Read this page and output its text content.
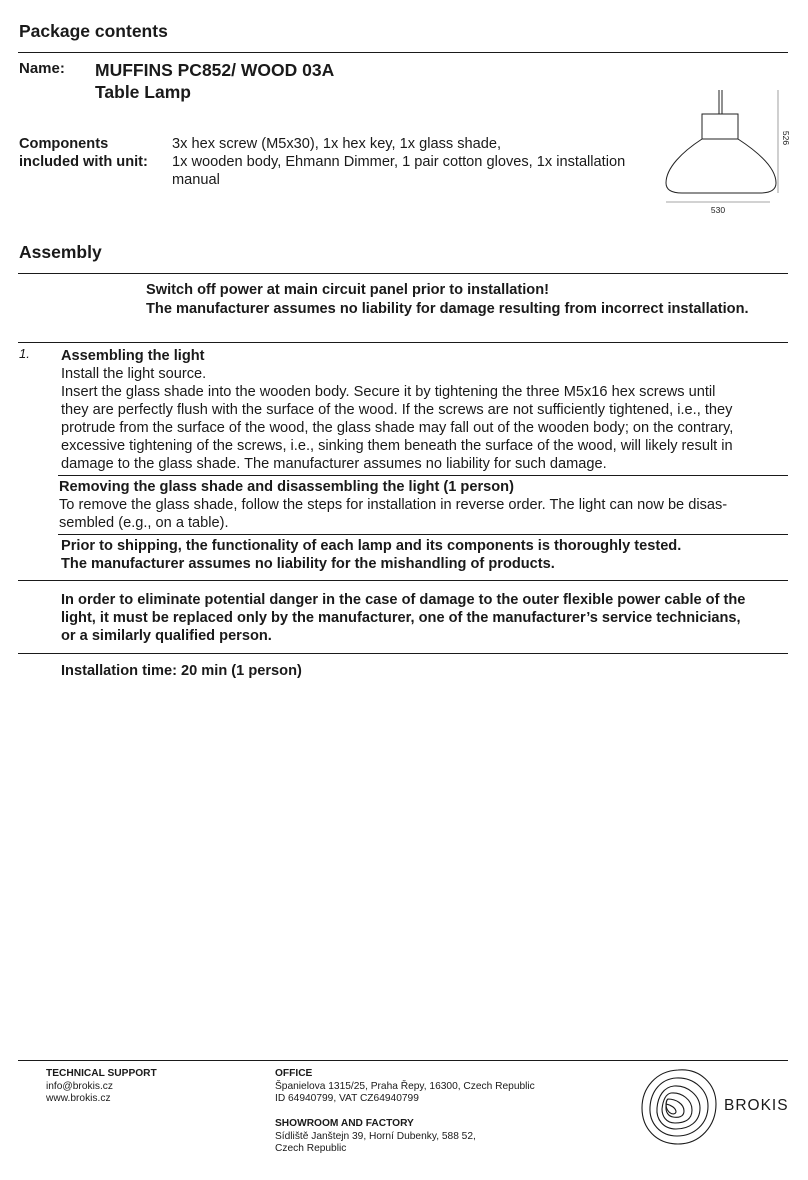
Package contents
Name: MUFFINS PC852/ WOOD 03A
Table Lamp
Components
included with unit:
3x hex screw (M5x30), 1x hex key, 1x glass shade,
1x wooden body, Ehmann Dimmer, 1 pair cotton gloves, 1x installation
manual
526
530
Assembly
Switch off power at main circuit panel prior to installation!
The manufacturer assumes no liability for damage resulting from incorrect installation.
1. Assembling the light
Install the light source.
Insert the glass shade into the wooden body. Secure it by tightening the three M5x16 hex screws until
they are perfectly flush with the surface of the wood. If the screws are not sufficiently tightened, i.e., they
protrude from the surface of the wood, the glass shade may fall out of the wooden body; on the contrary,
excessive tightening of the screws, i.e., sinking them beneath the surface of the wood, will likely result in
damage to the glass shade. The manufacturer assumes no liability for such damage.
Removing the glass shade and disassembling the light (1 person)
To remove the glass shade, follow the steps for installation in reverse order. The light can now be disas-
sembled (e.g., on a table).
Prior to shipping, the functionality of each lamp and its components is thoroughly tested.
The manufacturer assumes no liability for the mishandling of products.
In order to eliminate potential danger in the case of damage to the outer flexible power cable of the
light, it must be replaced only by the manufacturer, one of the manufacturer’s service technicians,
or a similarly qualified person.
Installation time: 20 min (1 person)
TECHNICAL SUPPORT
info@brokis.cz
www.brokis.cz
OFFICE
Španielova 1315/25, Praha Řepy, 16300, Czech Republic
ID 64940799, VAT CZ64940799
SHOWROOM AND FACTORY
Sídliště Janštejn 39, Horní Dubenky, 588 52,
Czech Republic
BROKIS
